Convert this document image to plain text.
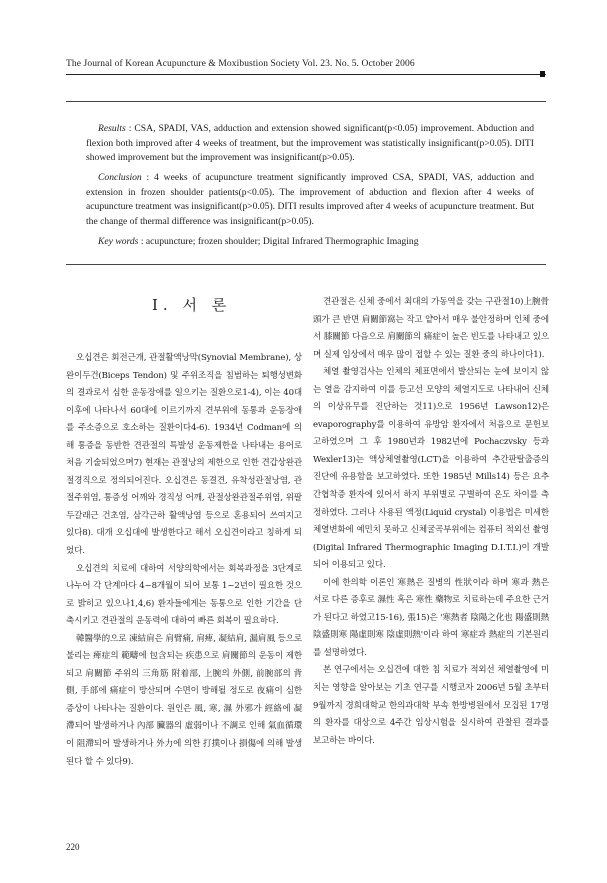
The Journal of Korean Acupuncture & Moxibustion Society Vol. 23. No. 5. October 2006

Results : CSA, SPADI, VAS, adduction and extension showed significant(p<0.05) improvement. Abduction and flexion both improved after 4 weeks of treatment, but the improvement was statistically insignificant(p>0.05). DITI showed improvement but the improvement was insignificant(p>0.05).

Conclusion : 4 weeks of acupuncture treatment significantly improved CSA, SPADI, VAS, adduction and extension in frozen shoulder patients(p<0.05). The improvement of abduction and flexion after 4 weeks of acupuncture treatment was insignificant(p>0.05). DITI results improved after 4 weeks of acupuncture treatment. But the change of thermal difference was insignificant(p>0.05).

Key words : acupuncture; frozen shoulder; Digital Infrared Thermographic Imaging

Ⅰ. 서 론

오십견은 회전근개, 관절활액낭막(Synovial Membrane), 상완이두건(Biceps Tendon) 및 주위조직을 침범하는 퇴행성변화의 결과로서 심한 운동장애를 일으키는 질환으로1-4), 이는 40대 이후에 나타나서 60대에 이르기까지 견부위에 동통과 운동장애를 주소증으로 호소하는 질환이다4-6). 1934년 Codman에 의해 통증을 동반한 견관절의 특발성 운동제한을 나타내는 용어로 처음 기술되었으며7) 현재는 관절낭의 제한으로 인한 견갑상완관절경직으로 정의되어진다. 오십견은 동결견, 유착성관절낭염, 관절주위염, 통증성 어깨와 경직성 어깨, 관절상완관절주위염, 위팔두갈래근 건초염, 삼각근하 활액낭염 등으로 혼용되어 쓰여지고 있다8). 대개 오십대에 발생한다고 해서 오십견이라고 칭하게 되었다.

오십견의 치료에 대하여 서양의학에서는 회복과정을 3단계로 나누어 각 단계마다 4~8개월이 되어 보통 1~2년이 필요한 것으로 밝히고 있으나1,4,6) 환자들에게는 동통으로 인한 기간을 단축시키고 견관절의 운동력에 대하여 빠른 회복이 필요하다.

韓醫學的으로 凍結肩은 肩臂痛, 肩痺, 凝結肩, 漏肩風 등으로 불리는 痺症의 範疇에 包含되는 疾患으로 肩關節의 운동이 제한되고 肩關節 주위의 三角筋 附着部, 上腕의 外側, 前腕部의 背側, 手部에 痛症이 방산되며 수면이 방해될 정도로 夜痛이 심한 증상이 나타나는 질환이다. 원인은 風, 寒, 濕 外邪가 經絡에 凝滯되어 발생하거나 內部 臟器의 虛弱이나 不調로 인해 氣血循環이 阻滯되어 발생하거나 外力에 의한 打撲이나 損傷에 의해 발생된다 할 수 있다9).

견관절은 신체 중에서 최대의 가동역을 갖는 구관절10)上腕骨頭가 큰 반면 肩關節窩는 작고 얕아서 매우 불안정하며 인체 중에서 膝關節 다음으로 肩關節의 痛症이 높은 빈도를 나타내고 있으며 실제 임상에서 매우 많이 접할 수 있는 질환 중의 하나이다1).

체열 촬영검사는 인체의 체표면에서 발산되는 눈에 보이지 않는 열을 감지하여 이를 등고선 모양의 체열지도로 나타내어 신체의 이상유무를 진단하는 것11)으로 1956년 Lawson12)은 evaporography를 이용하여 유방암 환자에서 처음으로 문헌보고하였으며 그 후 1980년과 1982년에 Pochaczvsky 등과 Wexler13)는 액상체열촬영(LCT)을 이용하여 추간판탈출증의 진단에 유용함을 보고하였다. 또한 1985년 Mills14) 등은 요추간협착증 환자에 있어서 하지 부위별로 구별하여 온도 차이를 측정하였다. 그러나 사용된 액정(Liquid crystal) 이용법은 미세한 체열변화에 예민치 못하고 신체굴곡부위에는 컴퓨터 적외선 촬영(Digital Infrared Thermographic Imaging D.I.T.I.)이 개발되어 이용되고 있다.

이에 한의학 이론인 寒熱은 질병의 性狀이라 하며 寒과 熱은 서로 다른 증후로 濕性 혹은 寒性 藥物로 치료하는데 주요한 근거가 된다고 하였고15-16), 張15)은 '寒熱者 陰陽之化也 陽盛則熱 陰盛則寒 陽虛則寒 陰虛則熱'이라 하여 寒症과 熱症의 기본원리를 설명하였다.

본 연구에서는 오십견에 대한 침 치료가 적외선 체열촬영에 미치는 영향을 알아보는 기초 연구를 시행코자 2006년 5월 초부터 9월까지 경희대학교 한의과대학 부속 한방병원에서 모집된 17명의 환자를 대상으로 4주간 임상시험을 실시하여 관찰된 결과를 보고하는 바이다.

220
